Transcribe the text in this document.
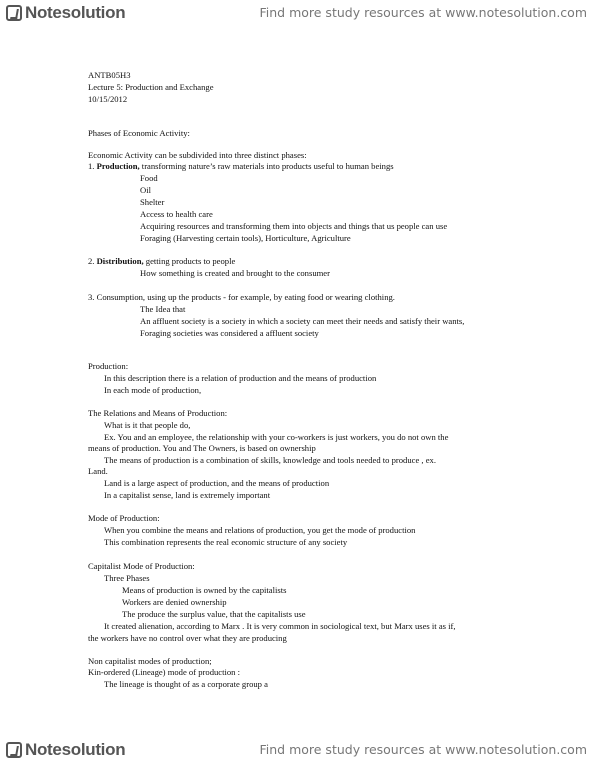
Notesolution	Find more study resources at www.notesolution.com
ANTB05H3
Lecture 5: Production and Exchange
10/15/2012
Phases of Economic Activity:
Economic Activity can be subdivided into three distinct phases:
1. Production, transforming nature’s raw materials into products useful to human beings
Food
Oil
Shelter
Access to health care
Acquiring resources and transforming them into objects and things that us people can use
Foraging (Harvesting certain tools), Horticulture, Agriculture
2. Distribution, getting products to people
How something is created and brought to the consumer
3. Consumption, using up the products - for example, by eating food or wearing clothing.
The Idea that
An affluent society is a society in which a society can meet their needs and satisfy their wants,
Foraging societies was considered a affluent society
Production:
In this description there is a relation of production and the means of production
In each mode of production,
The Relations and Means of Production:
What is it that people do,
Ex. You and an employee, the relationship with your co-workers is just workers, you do not own the
means of production. You and The Owners, is based on ownership
The means of production is a combination of skills, knowledge and tools needed to produce , ex.
Land.
Land is a large aspect of production, and the means of production
In a capitalist sense, land is extremely important
Mode of Production:
When you combine the means and relations of production, you get the mode of production
This combination represents the real economic structure of any society
Capitalist Mode of Production:
Three Phases
Means of production is owned by the capitalists
Workers are denied ownership
The produce the surplus value, that the capitalists use
It created alienation, according to Marx . It is very common in sociological text, but Marx uses it as if,
the workers have no control over what they are producing
Non capitalist modes of production;
Kin-ordered (Lineage) mode of production :
The lineage is thought of as a corporate group a
Notesolution	Find more study resources at www.notesolution.com
